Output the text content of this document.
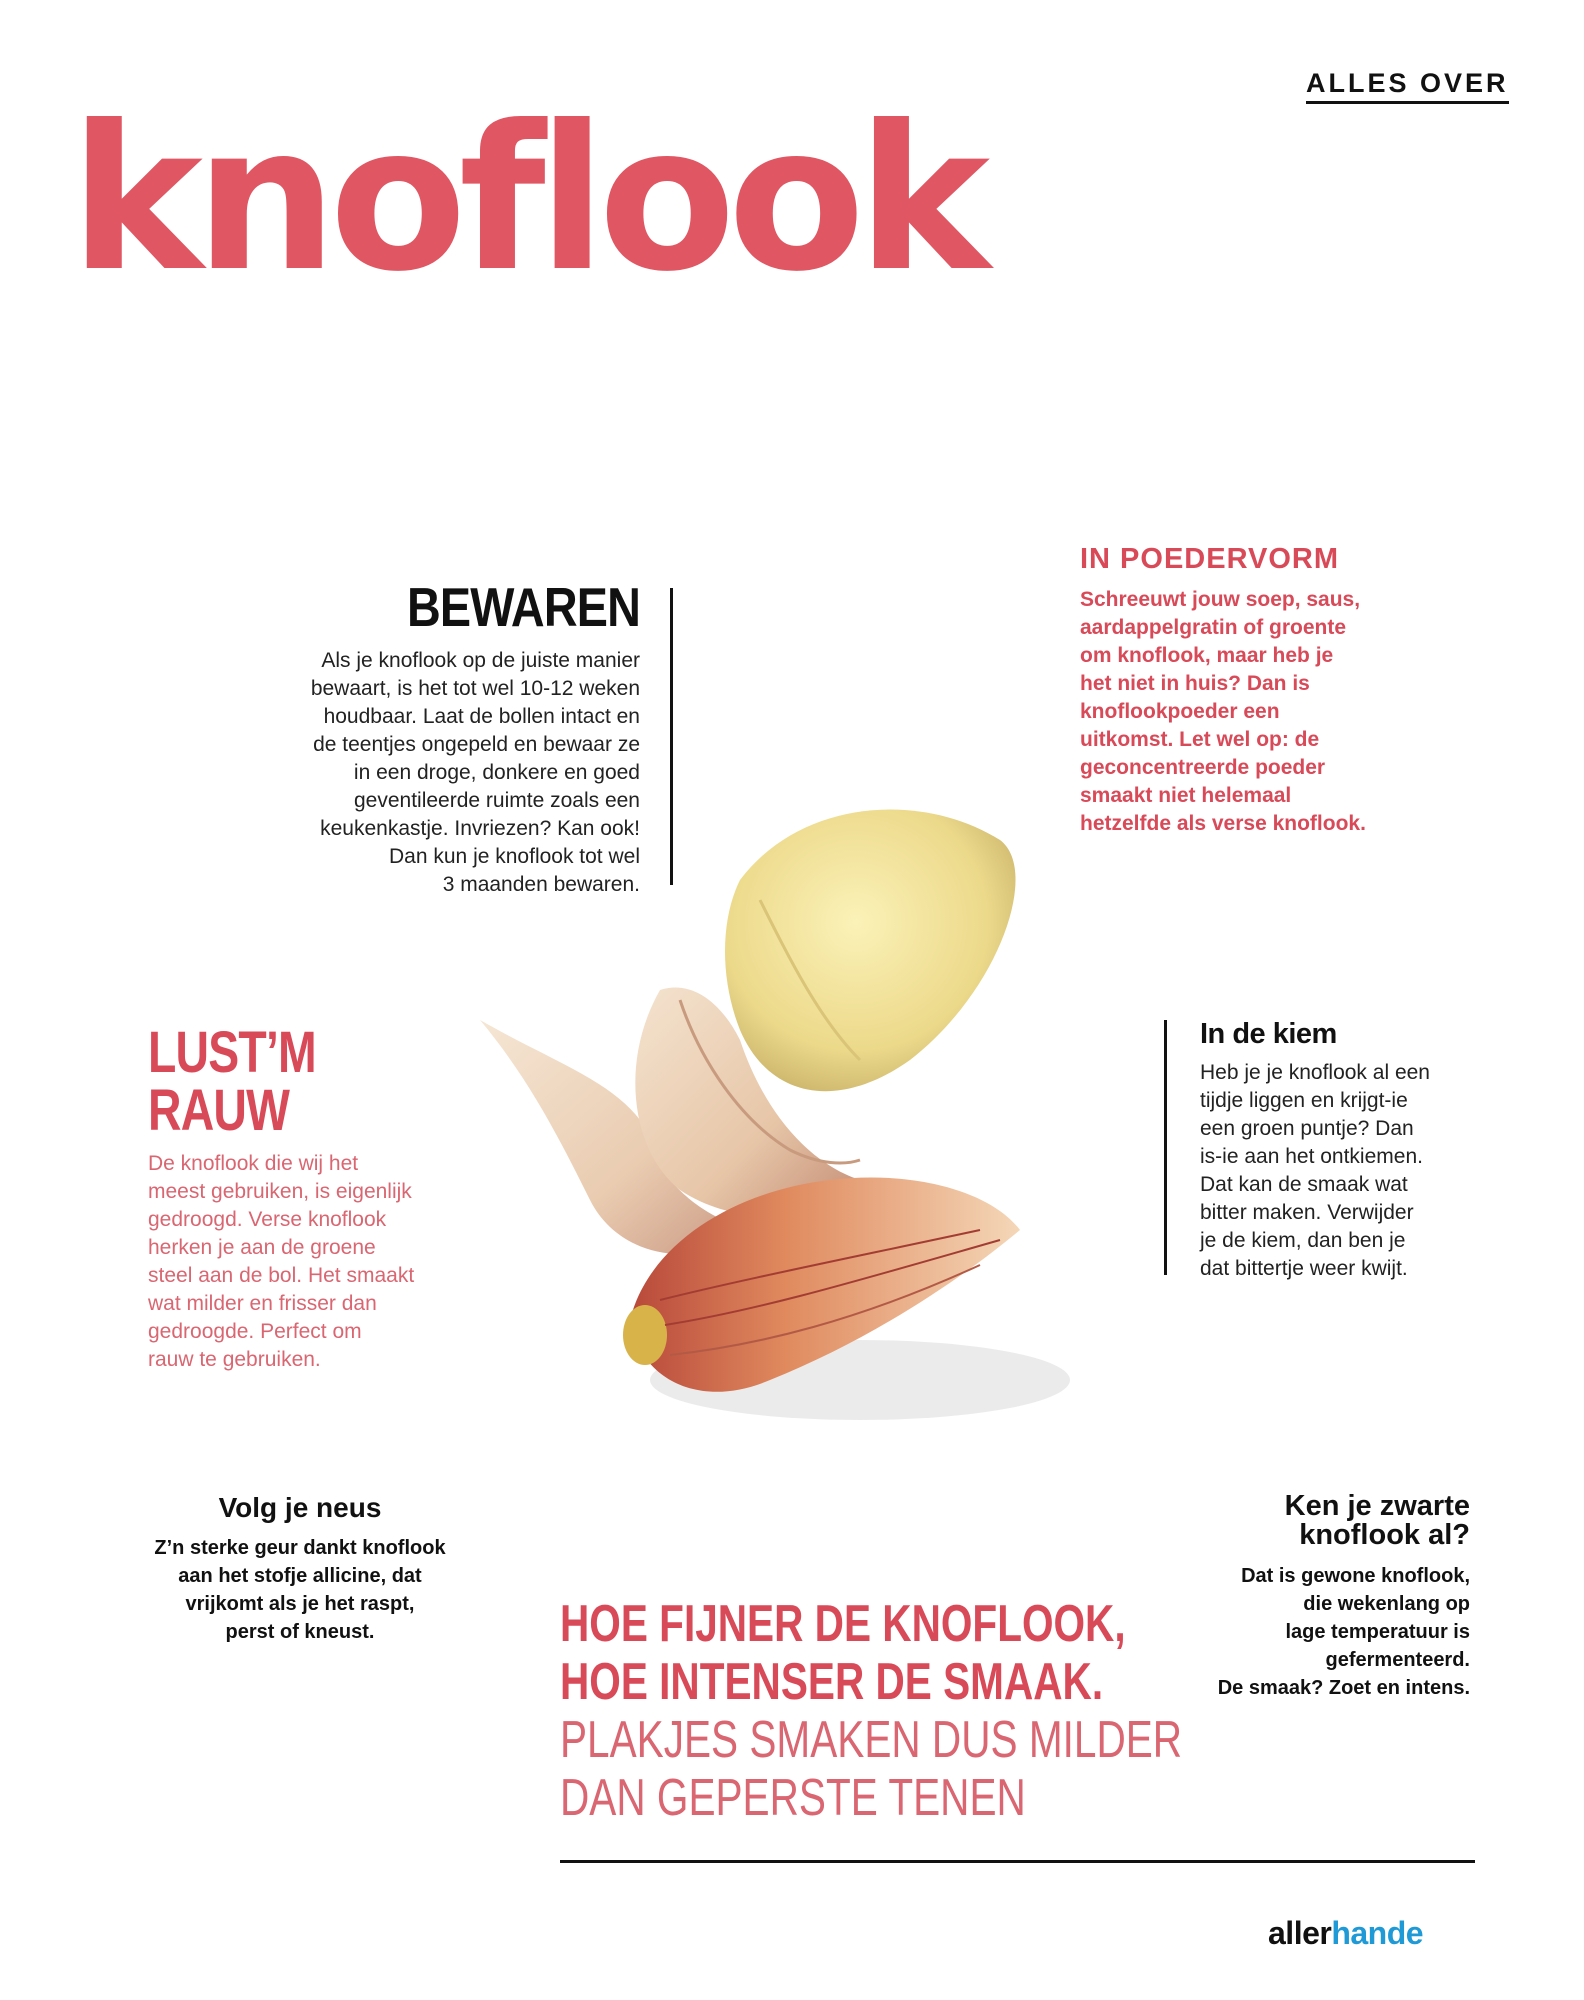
ALLES OVER
knoflook
BEWAREN
Als je knoflook op de juiste manier
bewaart, is het tot wel 10-12 weken
houdbaar. Laat de bollen intact en
de teentjes ongepeld en bewaar ze
in een droge, donkere en goed
geventileerde ruimte zoals een
keukenkastje. Invriezen? Kan ook!
Dan kun je knoflook tot wel
3 maanden bewaren.
IN POEDERVORM
Schreeuwt jouw soep, saus,
aardappelgratin of groente
om knoflook, maar heb je
het niet in huis? Dan is
knoflookpoeder een
uitkomst. Let wel op: de
geconcentreerde poeder
smaakt niet helemaal
hetzelfde als verse knoflook.
LUST’M RAUW
De knoflook die wij het
meest gebruiken, is eigenlijk
gedroogd. Verse knoflook
herken je aan de groene
steel aan de bol. Het smaakt
wat milder en frisser dan
gedroogde. Perfect om
rauw te gebruiken.
In de kiem
Heb je je knoflook al een
tijdje liggen en krijgt-ie
een groen puntje? Dan
is-ie aan het ontkiemen.
Dat kan de smaak wat
bitter maken. Verwijder
je de kiem, dan ben je
dat bittertje weer kwijt.
Volg je neus
Z’n sterke geur dankt knoflook
aan het stofje allicine, dat
vrijkomt als je het raspt,
perst of kneust.
Ken je zwarte
knoflook al?
Dat is gewone knoflook,
die wekenlang op
lage temperatuur is
gefermenteerd.
De smaak? Zoet en intens.
HOE FIJNER DE KNOFLOOK,
HOE INTENSER DE SMAAK.
PLAKJES SMAKEN DUS MILDER
DAN GEPERSTE TENEN
allerhande
